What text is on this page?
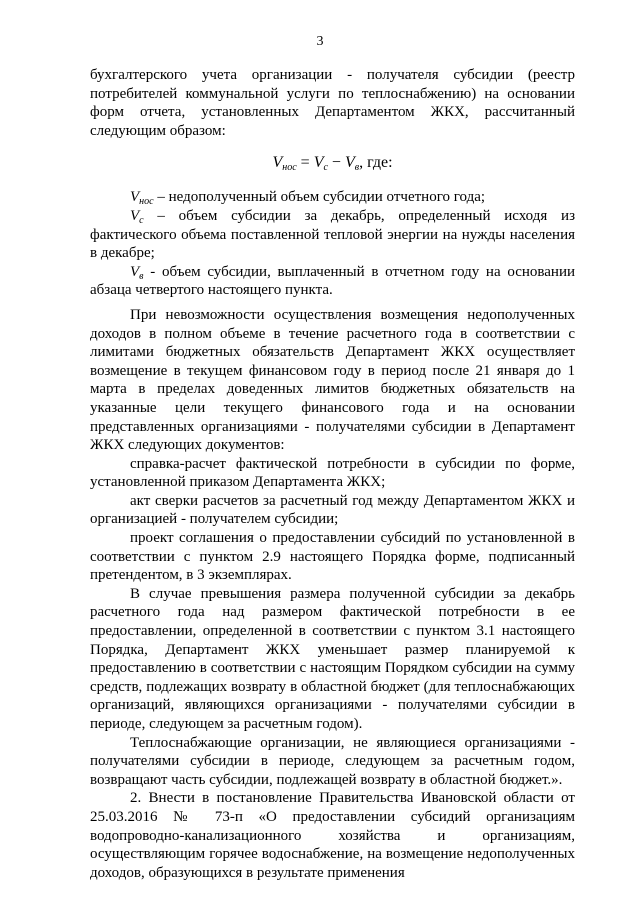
3

бухгалтерского учета организации - получателя субсидии (реестр потребителей коммунальной услуги по теплоснабжению) на основании форм отчета, установленных Департаментом ЖКХ, рассчитанный следующим образом:

$V_{нос} = V_c - V_в$, где:

$V_{нос}$ – недополученный объем субсидии отчетного года;

$V_c$ – объем субсидии за декабрь, определенный исходя из фактического объема поставленной тепловой энергии на нужды населения в декабре;

$V_в$ - объем субсидии, выплаченный в отчетном году на основании абзаца четвертого настоящего пункта.

При невозможности осуществления возмещения недополученных доходов в полном объеме в течение расчетного года в соответствии с лимитами бюджетных обязательств Департамент ЖКХ осуществляет возмещение в текущем финансовом году в период после 21 января до 1 марта в пределах доведенных лимитов бюджетных обязательств на указанные цели текущего финансового года и на основании представленных организациями - получателями субсидии в Департамент ЖКХ следующих документов:

справка-расчет фактической потребности в субсидии по форме, установленной приказом Департамента ЖКХ;

акт сверки расчетов за расчетный год между Департаментом ЖКХ и организацией - получателем субсидии;

проект соглашения о предоставлении субсидий по установленной в соответствии с пунктом 2.9 настоящего Порядка форме, подписанный претендентом, в 3 экземплярах.

В случае превышения размера полученной субсидии за декабрь расчетного года над размером фактической потребности в ее предоставлении, определенной в соответствии с пунктом 3.1 настоящего Порядка, Департамент ЖКХ уменьшает размер планируемой к предоставлению в соответствии с настоящим Порядком субсидии на сумму средств, подлежащих возврату в областной бюджет (для теплоснабжающих организаций, являющихся организациями - получателями субсидии в периоде, следующем за расчетным годом).

Теплоснабжающие организации, не являющиеся организациями - получателями субсидии в периоде, следующем за расчетным годом, возвращают часть субсидии, подлежащей возврату в областной бюджет.».

2. Внести в постановление Правительства Ивановской области от 25.03.2016 № 73-п «О предоставлении субсидий организациям водопроводно-канализационного хозяйства и организациям, осуществляющим горячее водоснабжение, на возмещение недополученных доходов, образующихся в результате применения
